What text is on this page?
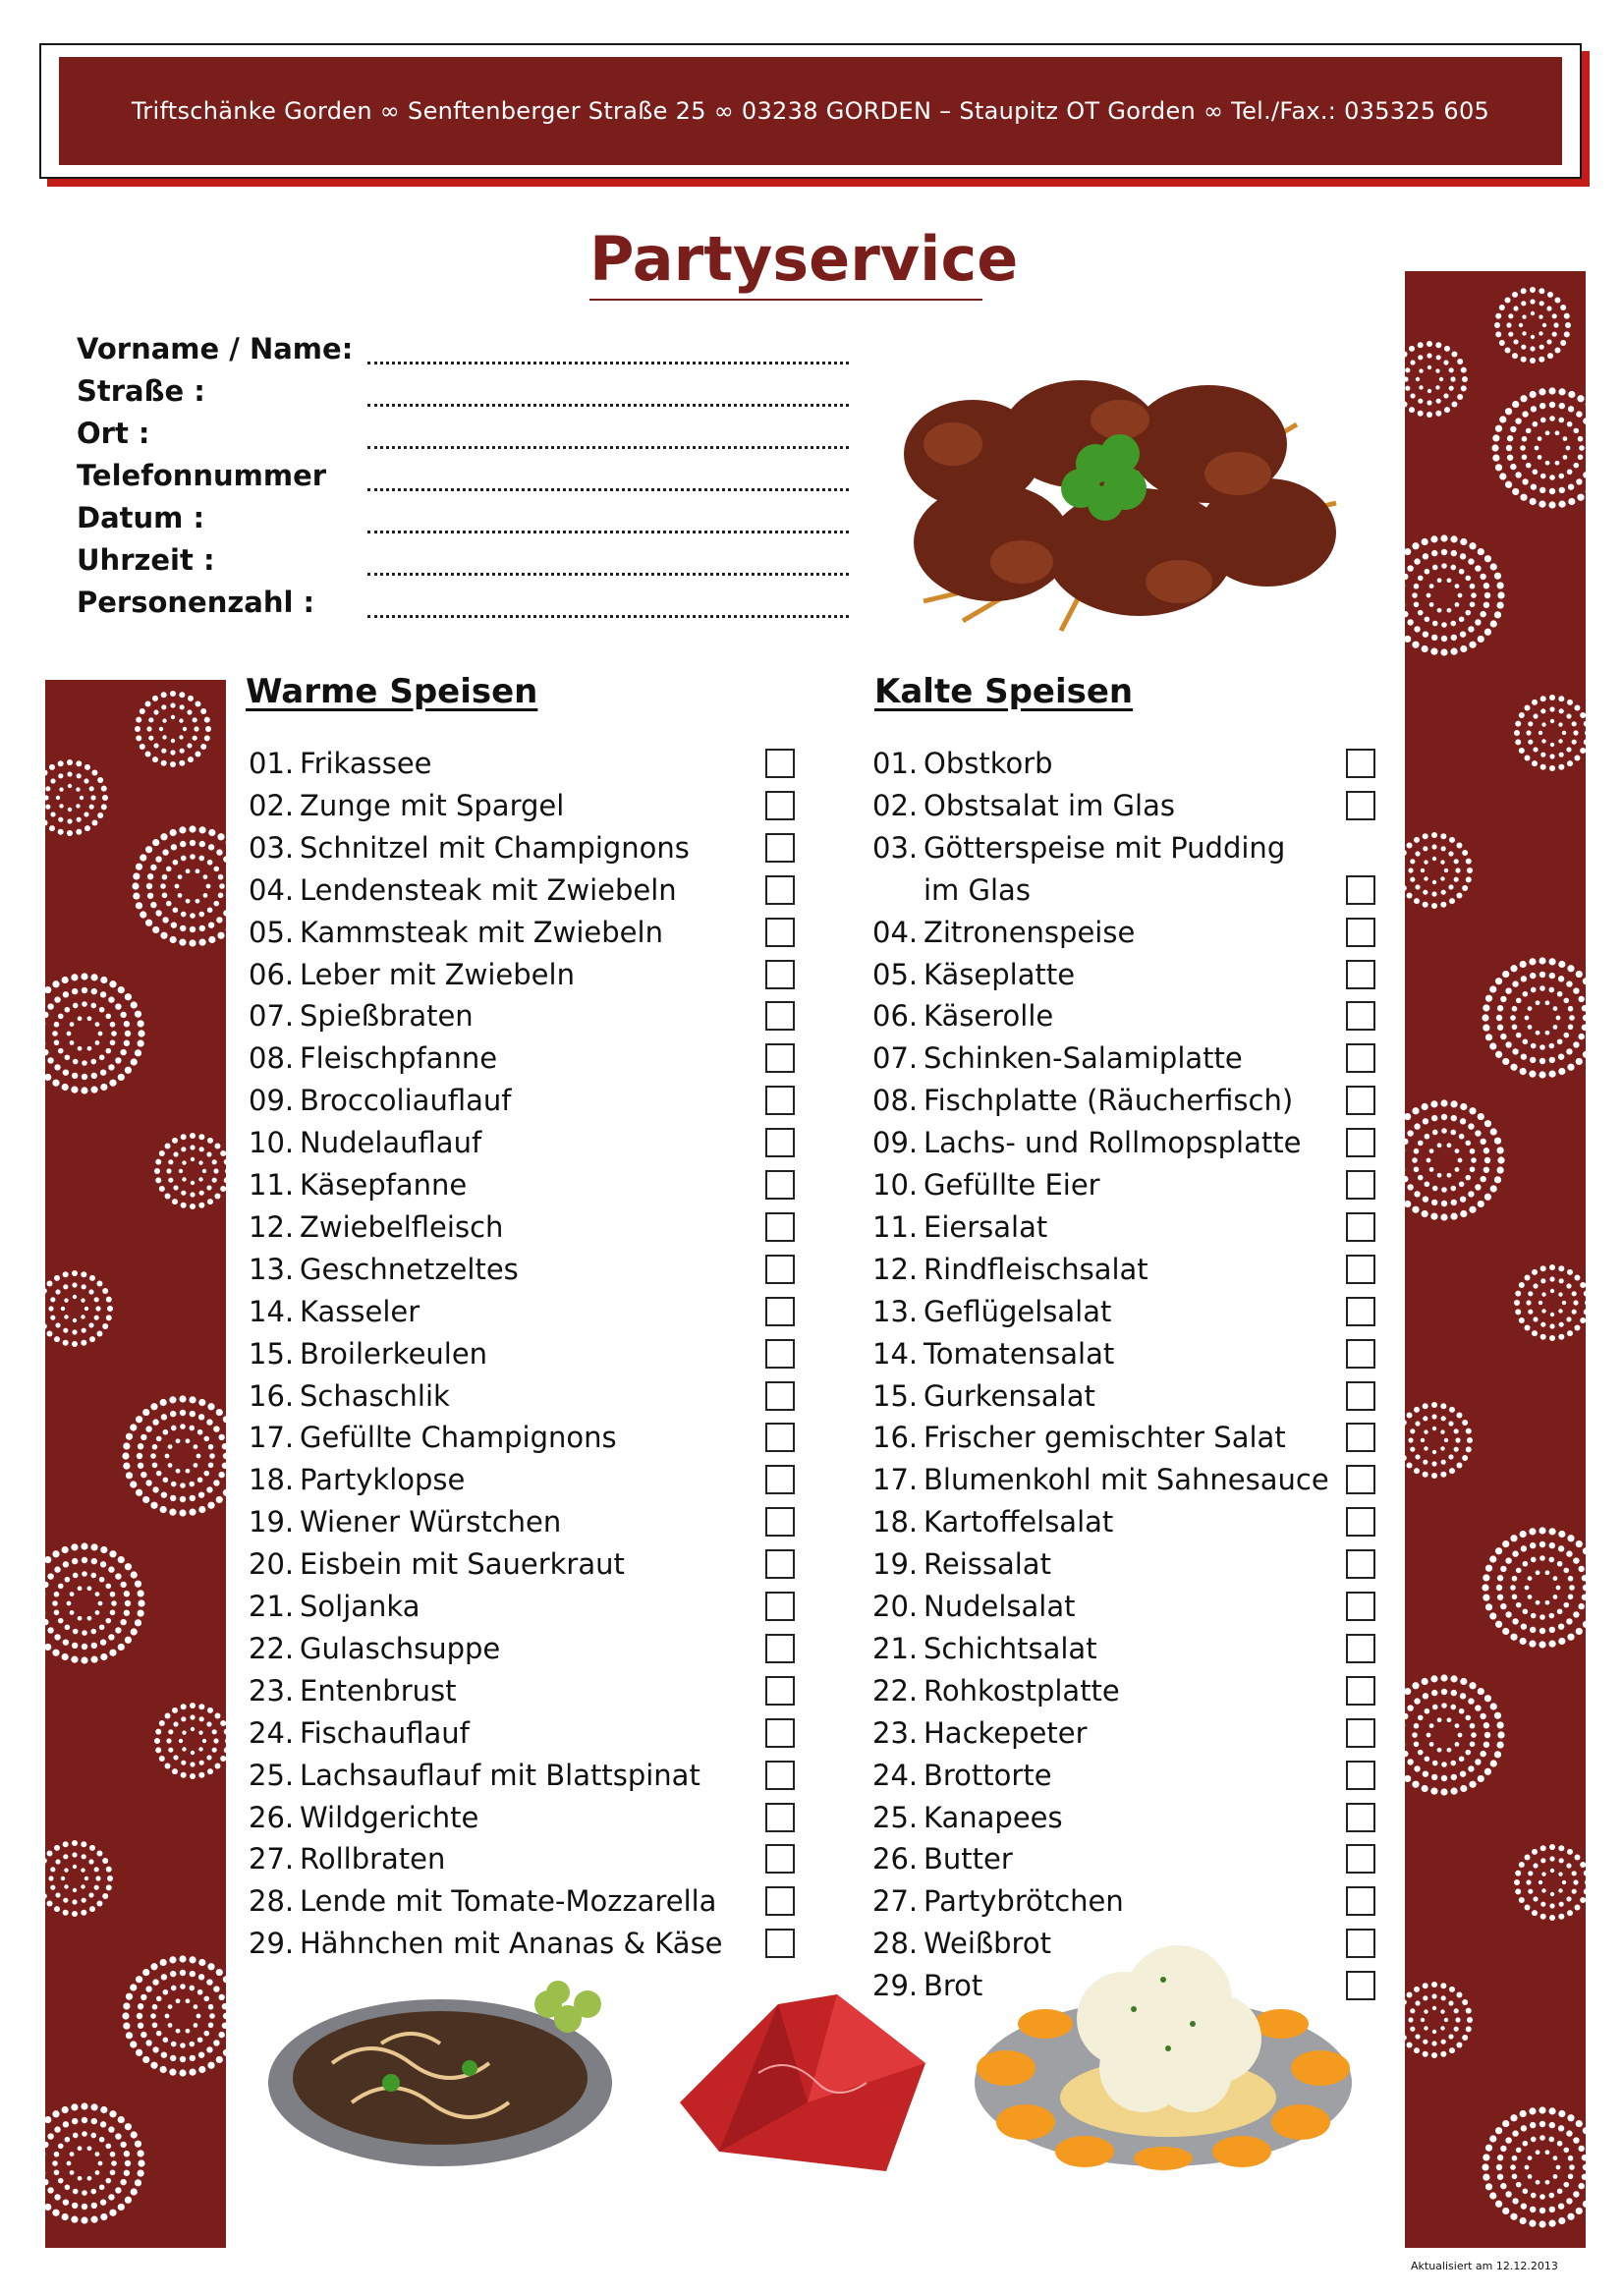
Triftschänke Gorden ∞ Senftenberger Straße 25 ∞ 03238 GORDEN – Staupitz OT Gorden ∞ Tel./Fax.: 035325 605
Partyservice
Vorname / Name:
Straße :
Ort :
Telefonnummer
Datum :
Uhrzeit :
Personenzahl :
Warme Speisen	Kalte Speisen
01. Frikassee
02. Zunge mit Spargel
03. Schnitzel mit Champignons
04. Lendensteak mit Zwiebeln
05. Kammsteak mit Zwiebeln
06. Leber mit Zwiebeln
07. Spießbraten
08. Fleischpfanne
09. Broccoliauflauf
10. Nudelauflauf
11. Käsepfanne
12. Zwiebelfleisch
13. Geschnetzeltes
14. Kasseler
15. Broilerkeulen
16. Schaschlik
17. Gefüllte Champignons
18. Partyklopse
19. Wiener Würstchen
20. Eisbein mit Sauerkraut
21. Soljanka
22. Gulaschsuppe
23. Entenbrust
24. Fischauflauf
25. Lachsauflauf mit Blattspinat
26. Wildgerichte
27. Rollbraten
28. Lende mit Tomate-Mozzarella
29. Hähnchen mit Ananas & Käse
01. Obstkorb
02. Obstsalat im Glas
03. Götterspeise mit Pudding
im Glas
04. Zitronenspeise
05. Käseplatte
06. Käserolle
07. Schinken-Salamiplatte
08. Fischplatte (Räucherfisch)
09. Lachs- und Rollmopsplatte
10. Gefüllte Eier
11. Eiersalat
12. Rindfleischsalat
13. Geflügelsalat
14. Tomatensalat
15. Gurkensalat
16. Frischer gemischter Salat
17. Blumenkohl mit Sahnesauce
18. Kartoffelsalat
19. Reissalat
20. Nudelsalat
21. Schichtsalat
22. Rohkostplatte
23. Hackepeter
24. Brottorte
25. Kanapees
26. Butter
27. Partybrötchen
28. Weißbrot
29. Brot
Aktualisiert am 12.12.2013
